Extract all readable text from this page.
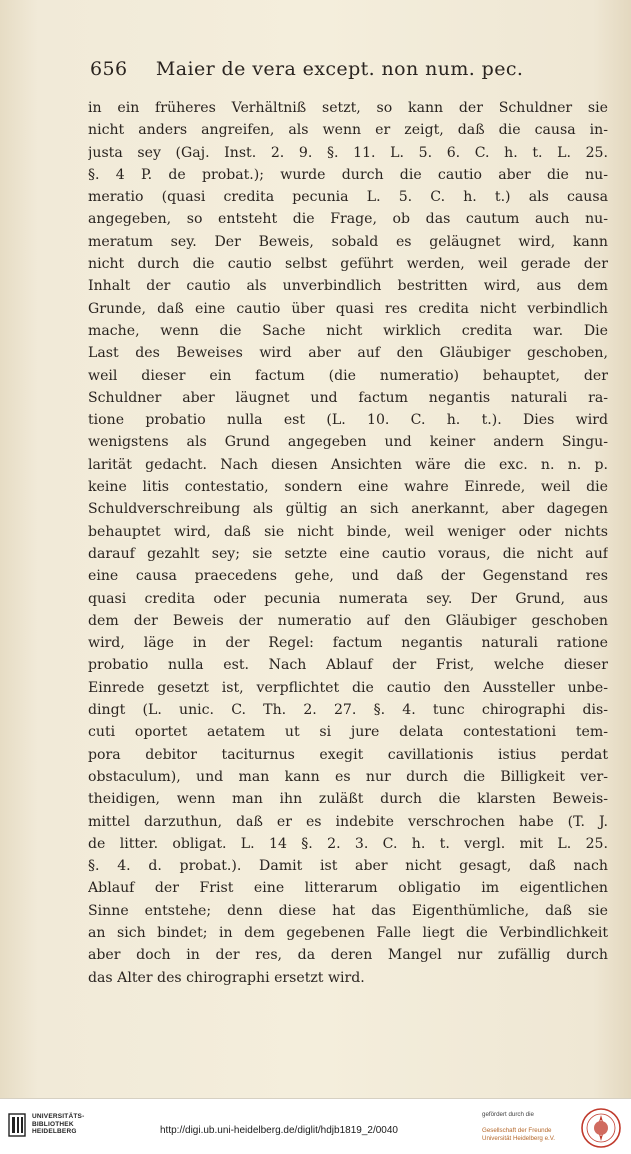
656 Maier de vera except. non num. pec.
in ein früheres Verhältniß setzt, so kann der Schuldner sie
nicht anders angreifen, als wenn er zeigt, daß die causa in-
justa sey (Gaj. Inst. 2. 9. §. 11. L. 5. 6. C. h. t. L. 25.
§. 4 P. de probat.); wurde durch die cautio aber die nu-
meratio (quasi credita pecunia L. 5. C. h. t.) als causa
angegeben, so entsteht die Frage, ob das cautum auch nu-
meratum sey. Der Beweis, sobald es geläugnet wird, kann
nicht durch die cautio selbst geführt werden, weil gerade der
Inhalt der cautio als unverbindlich bestritten wird, aus dem
Grunde, daß eine cautio über quasi res credita nicht verbindlich
mache, wenn die Sache nicht wirklich credita war. Die
Last des Beweises wird aber auf den Gläubiger geschoben,
weil dieser ein factum (die numeratio) behauptet, der
Schuldner aber läugnet und factum negantis naturali ra-
tione probatio nulla est (L. 10. C. h. t.). Dies wird
wenigstens als Grund angegeben und keiner andern Singu-
larität gedacht. Nach diesen Ansichten wäre die exc. n. n. p.
keine litis contestatio, sondern eine wahre Einrede, weil die
Schuldverschreibung als gültig an sich anerkannt, aber dagegen
behauptet wird, daß sie nicht binde, weil weniger oder nichts
darauf gezahlt sey; sie setzte eine cautio voraus, die nicht auf
eine causa praecedens gehe, und daß der Gegenstand res
quasi credita oder pecunia numerata sey. Der Grund, aus
dem der Beweis der numeratio auf den Gläubiger geschoben
wird, läge in der Regel: factum negantis naturali ratione
probatio nulla est. Nach Ablauf der Frist, welche dieser
Einrede gesetzt ist, verpflichtet die cautio den Aussteller unbe-
dingt (L. unic. C. Th. 2. 27. §. 4. tunc chirographi dis-
cuti oportet aetatem ut si jure delata contestationi tem-
pora debitor taciturnus exegit cavillationis istius perdat
obstaculum), und man kann es nur durch die Billigkeit ver-
theidigen, wenn man ihn zuläßt durch die klarsten Beweis-
mittel darzuthun, daß er es indebite verschrochen habe (T. J.
de litter. obligat. L. 14 §. 2. 3. C. h. t. vergl. mit L. 25.
§. 4. d. probat.). Damit ist aber nicht gesagt, daß nach
Ablauf der Frist eine litterarum obligatio im eigentlichen
Sinne entstehe; denn diese hat das Eigenthümliche, daß sie
an sich bindet; in dem gegebenen Falle liegt die Verbindlichkeit
aber doch in der res, da deren Mangel nur zufällig durch
das Alter des chirographi ersetzt wird.
UNIVERSITÄTS-
BIBLIOTHEK
HEIDELBERG	http://digi.ub.uni-heidelberg.de/diglit/hdjb1819_2/0040
gefördert durch die
Gesellschaft der Freunde
Universität Heidelberg e.V.
